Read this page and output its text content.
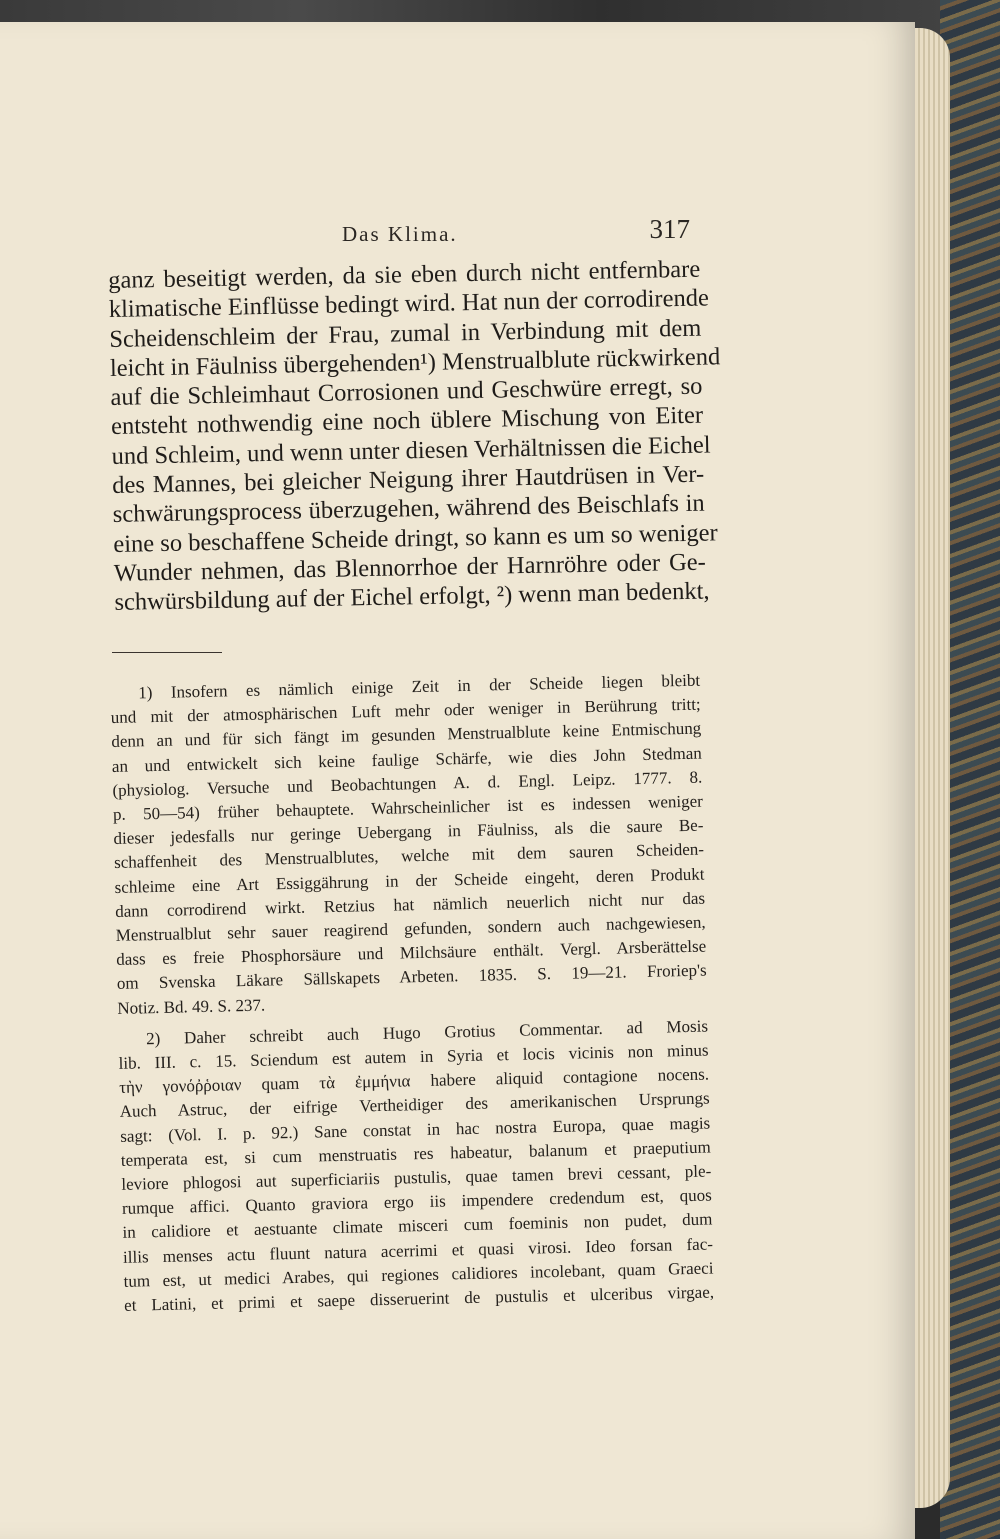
Das Klima.	317
ganz beseitigt werden, da sie eben durch nicht entfernbare
klimatische Einflüsse bedingt wird. Hat nun der corrodirende
Scheidenschleim der Frau, zumal in Verbindung mit dem
leicht in Fäulniss übergehenden¹) Menstrualblute rückwirkend
auf die Schleimhaut Corrosionen und Geschwüre erregt, so
entsteht nothwendig eine noch üblere Mischung von Eiter
und Schleim, und wenn unter diesen Verhältnissen die Eichel
des Mannes, bei gleicher Neigung ihrer Hautdrüsen in Ver-
schwärungsprocess überzugehen, während des Beischlafs in
eine so beschaffene Scheide dringt, so kann es um so weniger
Wunder nehmen, das Blennorrhoe der Harnröhre oder Ge-
schwürsbildung auf der Eichel erfolgt, ²) wenn man bedenkt,
1) Insofern es nämlich einige Zeit in der Scheide liegen bleibt
und mit der atmosphärischen Luft mehr oder weniger in Berührung tritt;
denn an und für sich fängt im gesunden Menstrualblute keine Entmischung
an und entwickelt sich keine faulige Schärfe, wie dies John Stedman
(physiolog. Versuche und Beobachtungen A. d. Engl. Leipz. 1777. 8.
p. 50—54) früher behauptete. Wahrscheinlicher ist es indessen weniger
dieser jedesfalls nur geringe Uebergang in Fäulniss, als die saure Be-
schaffenheit des Menstrualblutes, welche mit dem sauren Scheiden-
schleime eine Art Essiggährung in der Scheide eingeht, deren Produkt
dann corrodirend wirkt. Retzius hat nämlich neuerlich nicht nur das
Menstrualblut sehr sauer reagirend gefunden, sondern auch nachgewiesen,
dass es freie Phosphorsäure und Milchsäure enthält. Vergl. Arsberättelse
om Svenska Läkare Sällskapets Arbeten. 1835. S. 19—21. Froriep's
Notiz. Bd. 49. S. 237.
2) Daher schreibt auch Hugo Grotius Commentar. ad Mosis
lib. III. c. 15. Sciendum est autem in Syria et locis vicinis non minus
τὴν γονόῤῥοιαν quam τὰ ἐμμήνια habere aliquid contagione nocens.
Auch Astruc, der eifrige Vertheidiger des amerikanischen Ursprungs
sagt: (Vol. I. p. 92.) Sane constat in hac nostra Europa, quae magis
temperata est, si cum menstruatis res habeatur, balanum et praeputium
leviore phlogosi aut superficiariis pustulis, quae tamen brevi cessant, ple-
rumque affici. Quanto graviora ergo iis impendere credendum est, quos
in calidiore et aestuante climate misceri cum foeminis non pudet, dum
illis menses actu fluunt natura acerrimi et quasi virosi. Ideo forsan fac-
tum est, ut medici Arabes, qui regiones calidiores incolebant, quam Graeci
et Latini, et primi et saepe disseruerint de pustulis et ulceribus virgae,
